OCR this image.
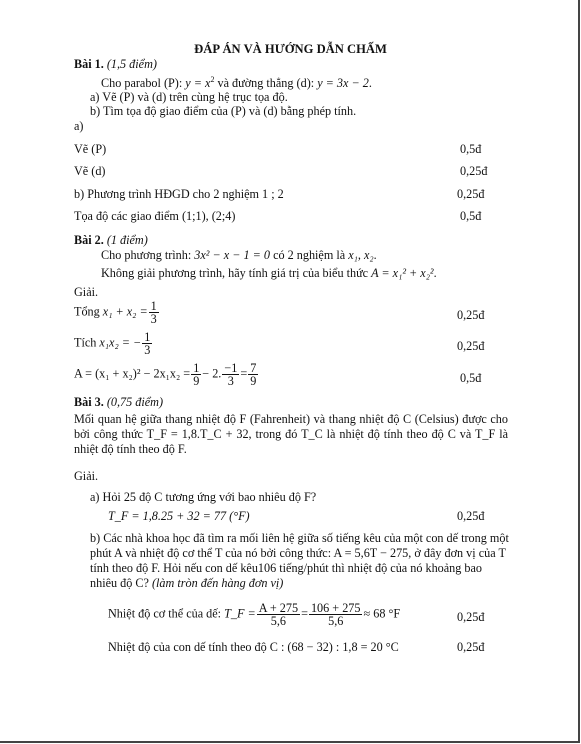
ĐÁP ÁN VÀ HƯỚNG DẪN CHẤM
Bài 1. (1,5 điểm)
Cho parabol (P): $y = x^2$ và đường thẳng (d): y = 3x − 2.
a) Vẽ (P) và (d) trên cùng hệ trục tọa độ.
b) Tìm tọa độ giao điểm của (P) và (d) bằng phép tính.
a)
Vẽ (P)	0,5đ
Vẽ (d)	0,25đ
b) Phương trình HĐGD cho 2 nghiệm 1 ; 2	0,25đ
Tọa độ các giao điểm (1;1), (2;4)	0,5đ
Bài 2. (1 điểm)
Cho phương trình: 3x² − x − 1 = 0 có 2 nghiệm là x₁, x₂.
Không giải phương trình, hãy tính giá trị của biểu thức A = x₁² + x₂².
Giải.
Tổng $x_1 + x_2 = \frac{1}{3}$	0,25đ
Tích x₁x₂ = − $\frac{1}{3}$	0,25đ
$A = (x_1 + x_2)^2 - 2x_1x_2 = \frac{1}{9} - 2$. $\frac{-1}{3} = \frac{7}{9}$	0,5đ
Bài 3. (0,75 điểm)
Mối quan hệ giữa thang nhiệt độ F (Fahrenheit) và thang nhiệt độ C (Celsius) được cho bởi công thức T_F = 1,8.T_C + 32, trong đó T_C là nhiệt độ tính theo độ C và T_F là nhiệt độ tính theo độ F.
Giải.
a) Hỏi 25 độ C tương ứng với bao nhiêu độ F?
T_F = 1,8.25 + 32 = 77 (°F)	0,25đ
b) Các nhà khoa học đã tìm ra mối liên hệ giữa số tiếng kêu của một con dế trong một phút A và nhiệt độ cơ thể T của nó bởi công thức: A = 5,6T − 275, ở đây đơn vị của T tính theo độ F. Hỏi nếu con dế kêu106 tiếng/phút thì nhiệt độ của nó khoảng bao nhiêu độ C? (làm tròn đến hàng đơn vị)
Nhiệt độ cơ thể của dế: T_F = $\frac{A + 275}{5,6} = \frac{106 + 275}{5,6} \approx 68$ °F	0,25đ
Nhiệt độ của con dế tính theo độ C : (68 − 32) : 1,8 = 20 °C	0,25đ
